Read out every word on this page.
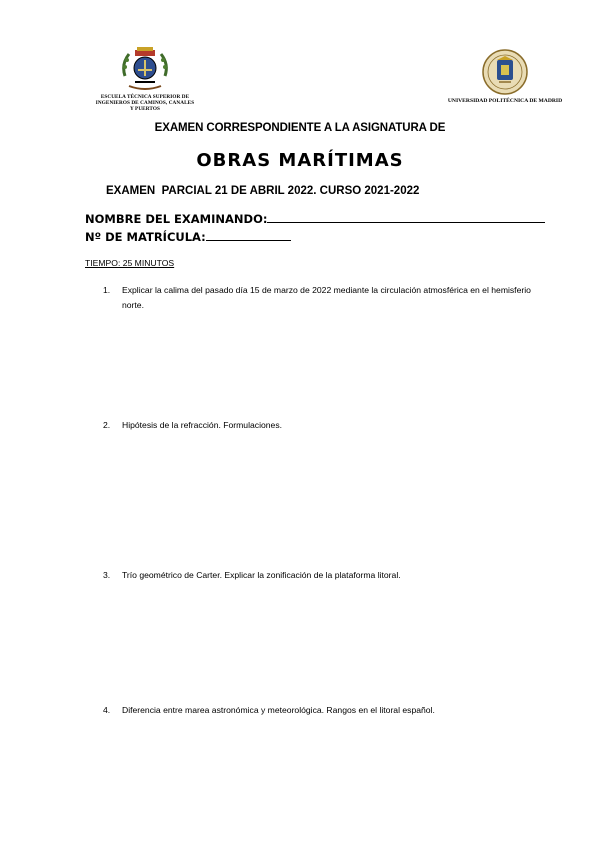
ESCUELA TÉCNICA SUPERIOR DE
INGENIEROS DE CAMINOS, CANALES
Y PUERTOS
UNIVERSIDAD POLITÉCNICA DE MADRID
EXAMEN CORRESPONDIENTE A LA ASIGNATURA DE
OBRAS MARÍTIMAS
EXAMEN  PARCIAL 21 DE ABRIL 2022. CURSO 2021-2022
NOMBRE DEL EXAMINANDO:
Nº DE MATRÍCULA:
TIEMPO: 25 MINUTOS
1.	Explicar la calima del pasado día 15 de marzo de 2022 mediante la circulación atmosférica en el hemisferio norte.
2.	Hipótesis de la refracción. Formulaciones.
3.	Trío geométrico de Carter. Explicar la zonificación de la plataforma litoral.
4.	Diferencia entre marea astronómica y meteorológica. Rangos en el litoral español.
